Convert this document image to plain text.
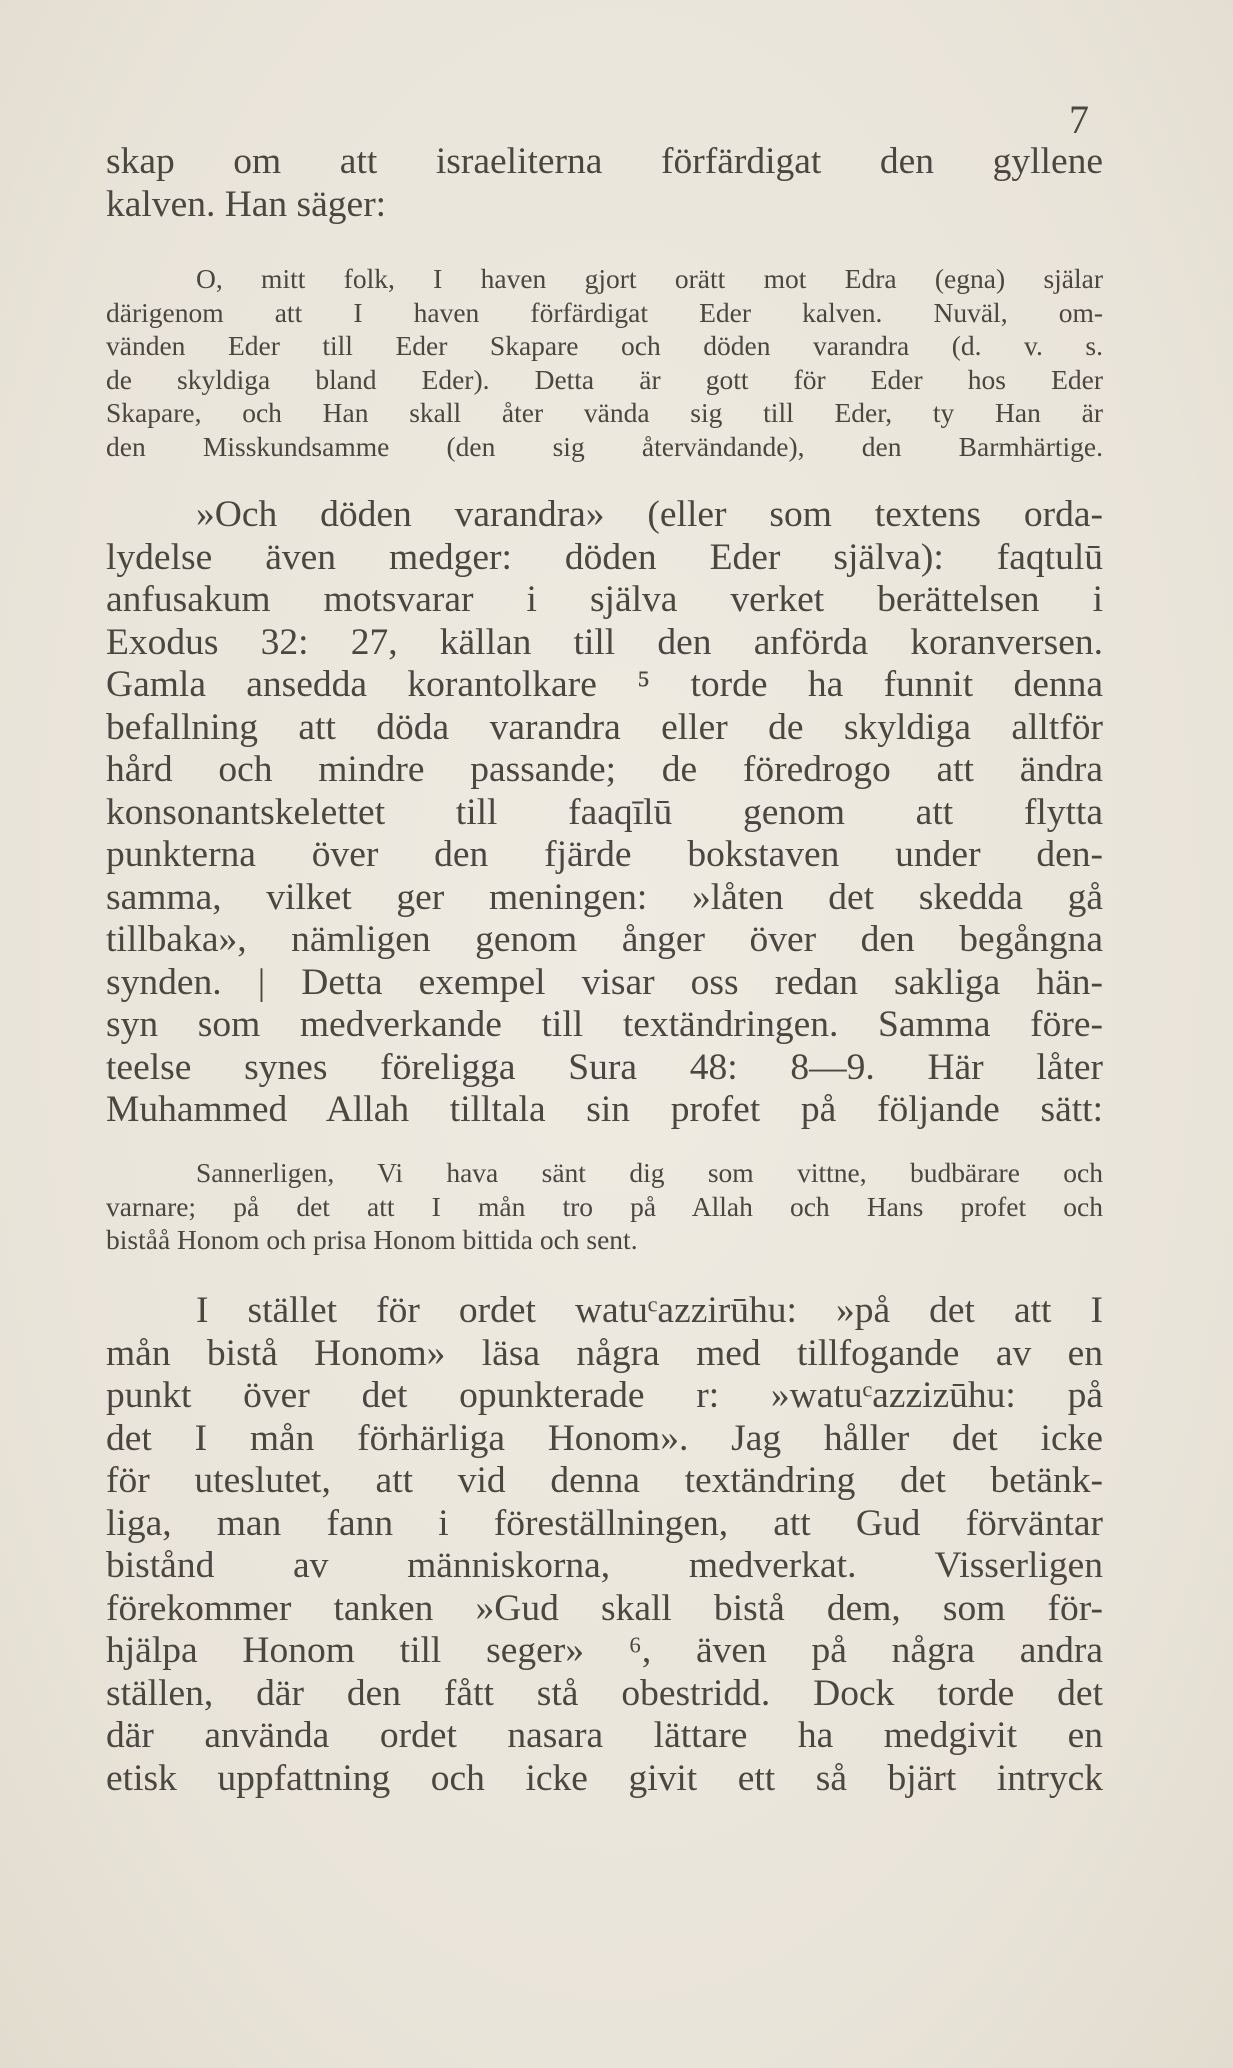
7
skap om att israeliterna förfärdigat den gyllene
kalven. Han säger:
O, mitt folk, I haven gjort orätt mot Edra (egna) själar
därigenom att I haven förfärdigat Eder kalven. Nuväl, om-
vänden Eder till Eder Skapare och döden varandra (d. v. s.
de skyldiga bland Eder). Detta är gott för Eder hos Eder
Skapare, och Han skall åter vända sig till Eder, ty Han är
den Misskundsamme (den sig återvändande), den Barmhärtige.
»Och döden varandra» (eller som textens orda-
lydelse även medger: döden Eder själva): faqtulū
anfusakum motsvarar i själva verket berättelsen i
Exodus 32: 27, källan till den anförda koranversen.
Gamla ansedda korantolkare ⁵ torde ha funnit denna
befallning att döda varandra eller de skyldiga alltför
hård och mindre passande; de föredrogo att ändra
konsonantskelettet till faaqīlū genom att flytta
punkterna över den fjärde bokstaven under den-
samma, vilket ger meningen: »låten det skedda gå
tillbaka», nämligen genom ånger över den begångna
synden. | Detta exempel visar oss redan sakliga hän-
syn som medverkande till textändringen. Samma före-
teelse synes föreligga Sura 48: 8—9. Här låter
Muhammed Allah tilltala sin profet på följande sätt:
Sannerligen, Vi hava sänt dig som vittne, budbärare och
varnare; på det att I mån tro på Allah och Hans profet och
biståå Honom och prisa Honom bittida och sent.
I stället för ordet watuᶜazzirūhu: »på det att I
mån bistå Honom» läsa några med tillfogande av en
punkt över det opunkterade r: »watuᶜazzizūhu: på
det I mån förhärliga Honom». Jag håller det icke
för uteslutet, att vid denna textändring det betänk-
liga, man fann i föreställningen, att Gud förväntar
bistånd av människorna, medverkat. Visserligen
förekommer tanken »Gud skall bistå dem, som för-
hjälpa Honom till seger» ⁶, även på några andra
ställen, där den fått stå obestridd. Dock torde det
där använda ordet nasara lättare ha medgivit en
etisk uppfattning och icke givit ett så bjärt intryck
